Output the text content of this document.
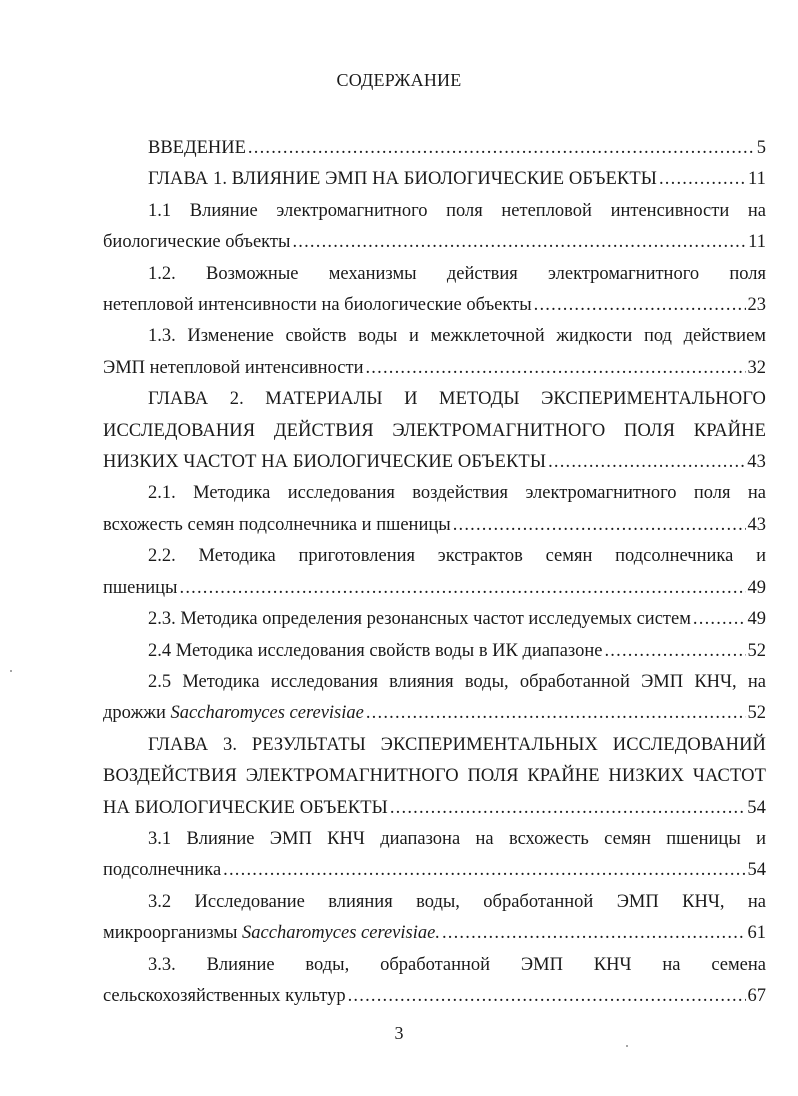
СОДЕРЖАНИЕ
ВВЕДЕНИЕ .....	5
ГЛАВА 1. ВЛИЯНИЕ ЭМП НА БИОЛОГИЧЕСКИЕ ОБЪЕКТЫ .....	11
1.1 Влияние электромагнитного поля нетепловой интенсивности на
биологические объекты .....	11
1.2. Возможные механизмы действия электромагнитного поля
нетепловой интенсивности на биологические объекты .....	23
1.3. Изменение свойств воды и межклеточной жидкости под действием
ЭМП нетепловой интенсивности .....	32
ГЛАВА 2. МАТЕРИАЛЫ И МЕТОДЫ ЭКСПЕРИМЕНТАЛЬНОГО
ИССЛЕДОВАНИЯ ДЕЙСТВИЯ ЭЛЕКТРОМАГНИТНОГО ПОЛЯ КРАЙНЕ
НИЗКИХ ЧАСТОТ НА БИОЛОГИЧЕСКИЕ ОБЪЕКТЫ .....	43
2.1. Методика исследования воздействия электромагнитного поля на
всхожесть семян подсолнечника и пшеницы .....	43
2.2. Методика приготовления экстрактов семян подсолнечника и
пшеницы .....	49
2.3. Методика определения резонансных частот исследуемых систем .....	49
2.4 Методика исследования свойств воды в ИК диапазоне .....	52
2.5 Методика исследования влияния воды, обработанной ЭМП КНЧ, на
дрожжи Saccharomyces cerevisiae .....	52
ГЛАВА 3. РЕЗУЛЬТАТЫ ЭКСПЕРИМЕНТАЛЬНЫХ ИССЛЕДОВАНИЙ
ВОЗДЕЙСТВИЯ ЭЛЕКТРОМАГНИТНОГО ПОЛЯ КРАЙНЕ НИЗКИХ ЧАСТОТ
НА БИОЛОГИЧЕСКИЕ ОБЪЕКТЫ .....	54
3.1 Влияние ЭМП КНЧ диапазона на всхожесть семян пшеницы и
подсолнечника .....	54
3.2 Исследование влияния воды, обработанной ЭМП КНЧ, на
микроорганизмы Saccharomyces cerevisiae. .....	61
3.3. Влияние воды, обработанной ЭМП КНЧ на семена
сельскохозяйственных культур .....	67
3
